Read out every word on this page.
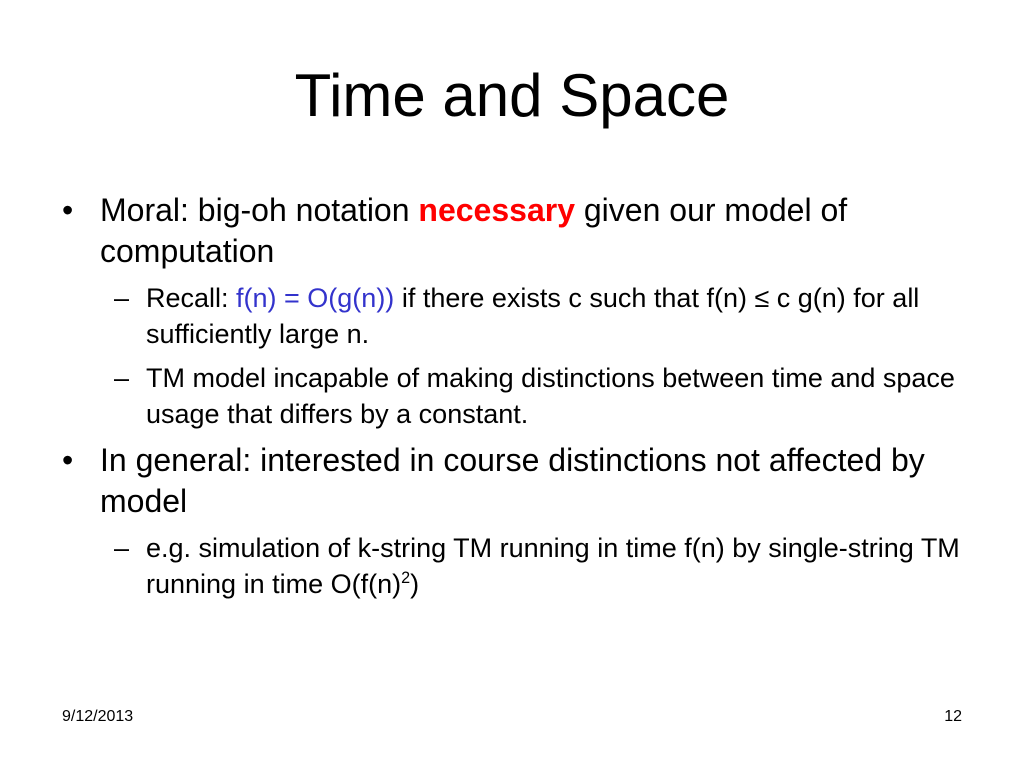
Time and Space

• Moral: big-oh notation necessary given our model of computation

– Recall: f(n) = O(g(n)) if there exists c such that f(n) ≤ c g(n) for all sufficiently large n.

– TM model incapable of making distinctions between time and space usage that differs by a constant.

• In general: interested in course distinctions not affected by model

– e.g. simulation of k-string TM running in time f(n) by single-string TM running in time $O(f(n)^2)$

9/12/2013	12
